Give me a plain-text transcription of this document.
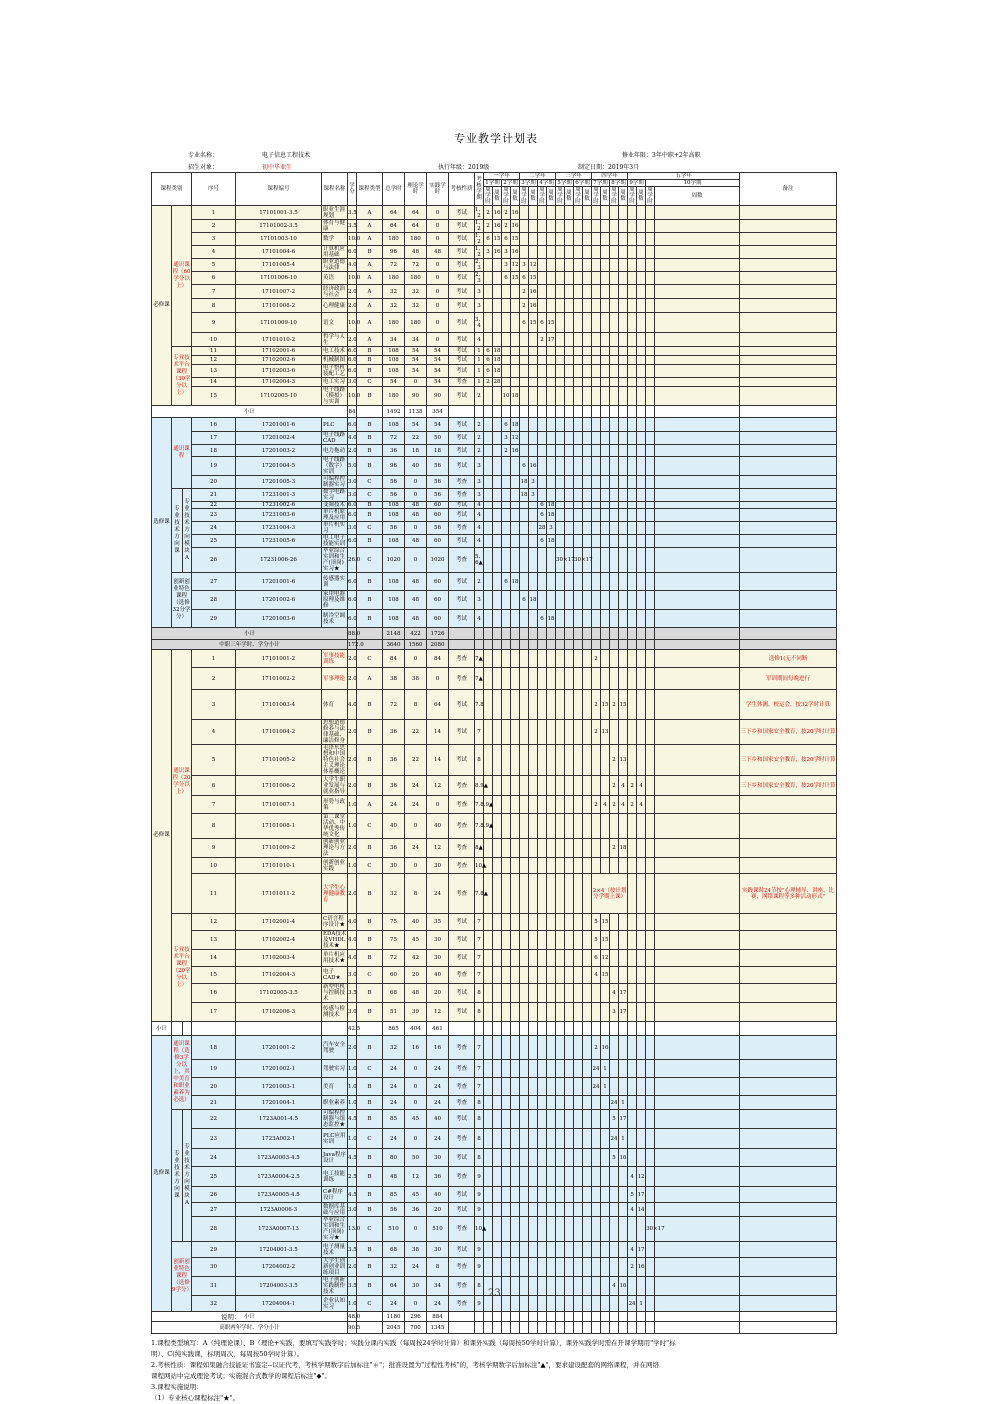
专业教学计划表
专业名称：	电子信息工程技术
招生对象：	初中毕业生	执行年级：2019级
修业年限：3年中职+2年高职
制定日期：2019年3月
课程类别			序号	课程编号	课程名称	学分	课程类型	总学时	理论学时	实践学时	考核性质	考核学期	一学年				二学年				三学年				四学年				五学年				备注
													1学期		2学期		3学期		4学期		5学期		6学期		7学期		8学期		9学期		10学期		
													周学时	周数	周学时	周数	周学时	周数	周学时	周数	周学时	周数	周学时	周数	周学时	周数	周学时	周数	周学时	周数	周学时	周数	
必修课	通识课程（60学分以上）		1	17101001-3.5	职业生涯规划	3.5	A	64	64	0	考试	1、2	2	16	2	16																	
			2	17101002-3.5	体育与健康	3.5	A	64	64	0	考试	1、2	2	16	2	16																	
			3	17101003-10	数学	10.0	A	180	180	0	考试	1、2	6	15	6	15																	
			4	17101004-6	计算机应用基础	6.0	B	96	48	48	考试	1、2	3	16	3	16																	
			5	17101005-4	职业道德与法律	4.0	A	72	72	0	考试	2、3			3	12	3	12															
			6	17101006-10	英语	10.0	A	180	180	0	考试	2、3			6	15	6	15															
			7	17101007-2	经济政治与社会	2.0	A	32	32	0	考试	3					2	16															
			8	17101008-2	心理健康	2.0	A	32	32	0	考试	3					2	16															
			9	17101009-10	语文	10.0	A	180	180	0	考试	3、4					6	15	6	15													
			10	17101010-2	哲学与人生	2.0	A	34	34	0	考试	4							2	17													
	专业技术平台课程（30学分以上）		11	17102001-6	电工技术	6.0	B	108	54	54	考试	1	6	18																			
			12	17102002-6	机械制图	6.0	B	108	54	54	考试	1	6	18																			
			13	17102003-6	电子整机装配工艺	6.0	B	108	54	54	考试	1	6	18																			
			14	17102004-3	电工实习	3.0	C	54	0	54	考查	1	2	28																			
			15	17102005-10	电子线路（模拟）与实训	10.0	B	180	90	90	考试	2			10	18																	
小计						84		1492	1138	354																							
选修课	通识课程		16	17201001-6	PLC	6.0	B	108	54	54	考试	2			6	18																	
			17	17201002-4	电子线路CAD	4.0	B	72	22	50	考试	2			3	12																	
			18	17201003-2	电力拖动	2.0	B	36	18	18	考试	2			2	16																	
			19	17201004-5	电子线路（数字）实训	5.0	B	96	40	56	考试	3					6	16															
			20	17201005-3	可编程控制器实习	3.0	C	56	0	56	考查	3					18	3															
	专业技术方向课	专业技术方向模块A	21	17231001-3	数字电路实习	3.0	C	56	0	56	考查	3					18	3															
			22	17231002-6	变频技术	6.0	B	108	48	60	考试	4							6	18													
			23	17231003-6	单片机原理及应用	6.0	B	108	48	60	考试	4							6	18													
			24	17231004-3	单片机实习	3.0	C	56	0	56	考查	4							28	3													
			25	17231005-6	电工电子技能实训	6.0	B	108	48	60	考试	4							6	18													
			26	17231006-26	毕业综合实训和生产(顶岗)实习★	26.0	C	1020	0	1020	考查	5、6▲									30×17		30×17										
	创新创业特色课程（选修32分学分）		27	17201001-6	传感器实训	6.0	B	108	48	60	考试	2			6	18																	
			28	17201002-6	家用电器原理及维修	6.0	B	108	48	60	考试	3					6	18															
			29	17201003-6	制冷空调技术	6.0	B	108	48	60	考试	4							6	18													
小计						88.0		2148	422	1726																							
中职三年学时、学分小计						172.0		3640	1560	2080																							
必修课	通识课程（20学分以上）		1	17101001-2	军事技能训练	2.0	C	84	0	84	考查	7▲													2								选修1(无不同断
			2	17101002-2	军事理论	2.0	A	38	38	0	考查	7▲																					军训期间每晚进行
			3	17101003-4	体育	4.0	B	72	8	64	考试	7.8													2	15	2	15					学生体测、校运会，按32学时计算
			4	17101004-2	思想道德修养与法律基础、廉洁修身	2.0	B	36	22	14	考试	7													2	13							三下乡和国家安全教育，按20学时计算
			5	17101005-2	毛泽东思想和中国特色社会主义理论体系概论	2.0	B	36	22	14	考试	8															2	13					三下乡和国家安全教育，按20学时计算
			6	17101006-2	大学生职业发展与就业指导	2.0	B	36	24	12	考查	8.9▲															2	4	2	4			三下乡和国家安全教育，按20学时计算
			7	17101007-1	形势与政策	1.0	A	24	24	0	考查	7.8.9▲													2	4	2	4	2	4			
			8	17101008-1	第二课堂活动、中华优秀传统文化	1.0	C	40	0	40	考查	7.8.9▲																					
			9	17101009-2	创新创业理论与方法	2.0	B	36	24	12	考查	8▲															2	18					
			10	17101010-1	创新创业实践	1.0	C	30	0	30	考查	10▲																					
			11	17101011-2	大学生心理健康教育	2.0	B	32	8	24	考查	7.8▲													2×4（按计划分学期上课）								实践课时24节按"心理辅导、讲座、比赛、网络课程等多种活动形式"
	专业技术平台课程（20学分以上）		12	17102001-4	C语言程序设计★	4.0	B	75	40	35	考试	7													5	15							
			13	17102002-4	EDA技术及VHDL技术★	4.0	B	75	45	30	考试	7													5	15							
			14	17102003-4	单片机应用技术★	4.0	B	72	42	30	考试	7													6	12							
			15	17102004-3	电子CAD★	3.0	C	60	20	40	考查	7													4	15							
			16	17102005-3.5	新型电机与控制技术	3.5	B	68	48	20	考试	8															4	17					
			17	17102006-3	传感与检测技术	3.0	B	51	39	12	考试	8															3	17					
小计						42.5		865	404	461																							
选修课	通识课程（选修3学分以上，其中美育和职业素养为必选）		18	17201001-2	汽车安全驾驶	2.0	B	32	16	16	考查	7													2	16							
			19	17201002-1	驾驶实习	1.0	C	24	0	24	考查	7													24	1							
			20	17201003-1	美育	1.0	B	24	0	24	考查	7													24	1							
			21	17201004-1	职业素养	1.0	B	24	0	24	考查	8															24	1					
	专业技术方向课	专业技术方向模块A	22	1723A001-4.5	可编程控制器与组态监控★	4.5	B	85	45	40	考试	8															5	17					
			23	1723A002-1	PLC应用实训	1.0	C	24	0	24	考查	8															24	1					
			24	1723A0003-4.5	Java程序设计	4.5	B	80	50	30	考试	8															5	16					
			25	1723A0004-2.5	电工技能训练	2.5	B	48	12	36	考查	9																	4	12			
			26	1723A0005-4.5	C#程序设计	4.5	B	85	45	40	考试	9																	5	17			
			27	1723A0006-3	数据库基础与应用	3.0	B	56	36	20	考试	9																	4	14			
			28	1723A0007-13	毕业综合实训和生产(顶岗)实习★	13.0	C	510	0	510	考查	10▲																			30×17		
	创新创业特色课程（选修9学分）		29	17204001-3.5	电子测量技术	3.5	B	68	38	30	考试	9																	4	17			
			30	17204002-2	大学生创新创业训练项目	2.0	B	32	24	8	考查	9																	2	16			
			31	17204003-3.5	电子创新实践制作技术	3.5	B	64	30	34	考查	8															4	16					
			32	17204004-1	企业认知实习	1.0	C	24	0	24	考查	9																	24	1			
小计						48.0		1180	296	884																							
高职两年学时、学分小计						90.5		2045	700	1345																							
23
说明：
1.课程类型填写：A（纯理论课）、B（理论+实践，要填写实践学时；实践分课内实践（每周按24学时计算）和课外实践（每周按50学时计算），课外实践学时需在开课学期用"学时"标
明）、C(纯实践课，标明周次，每周按50学时计算）。
2.考核性质：课程如果融合技能证书鉴定--以证代考，考核学期数字后加标注"＊"；批准设置为"过程性考核"的，考核学期数字后加标注"▲"，要求建设配套的网络课程，并在网络
课程网站中完成理论考试；实施混合式教学的课程后标注"◆"。
3.课程实施说明：
（1）专业核心课程标注"★"。
